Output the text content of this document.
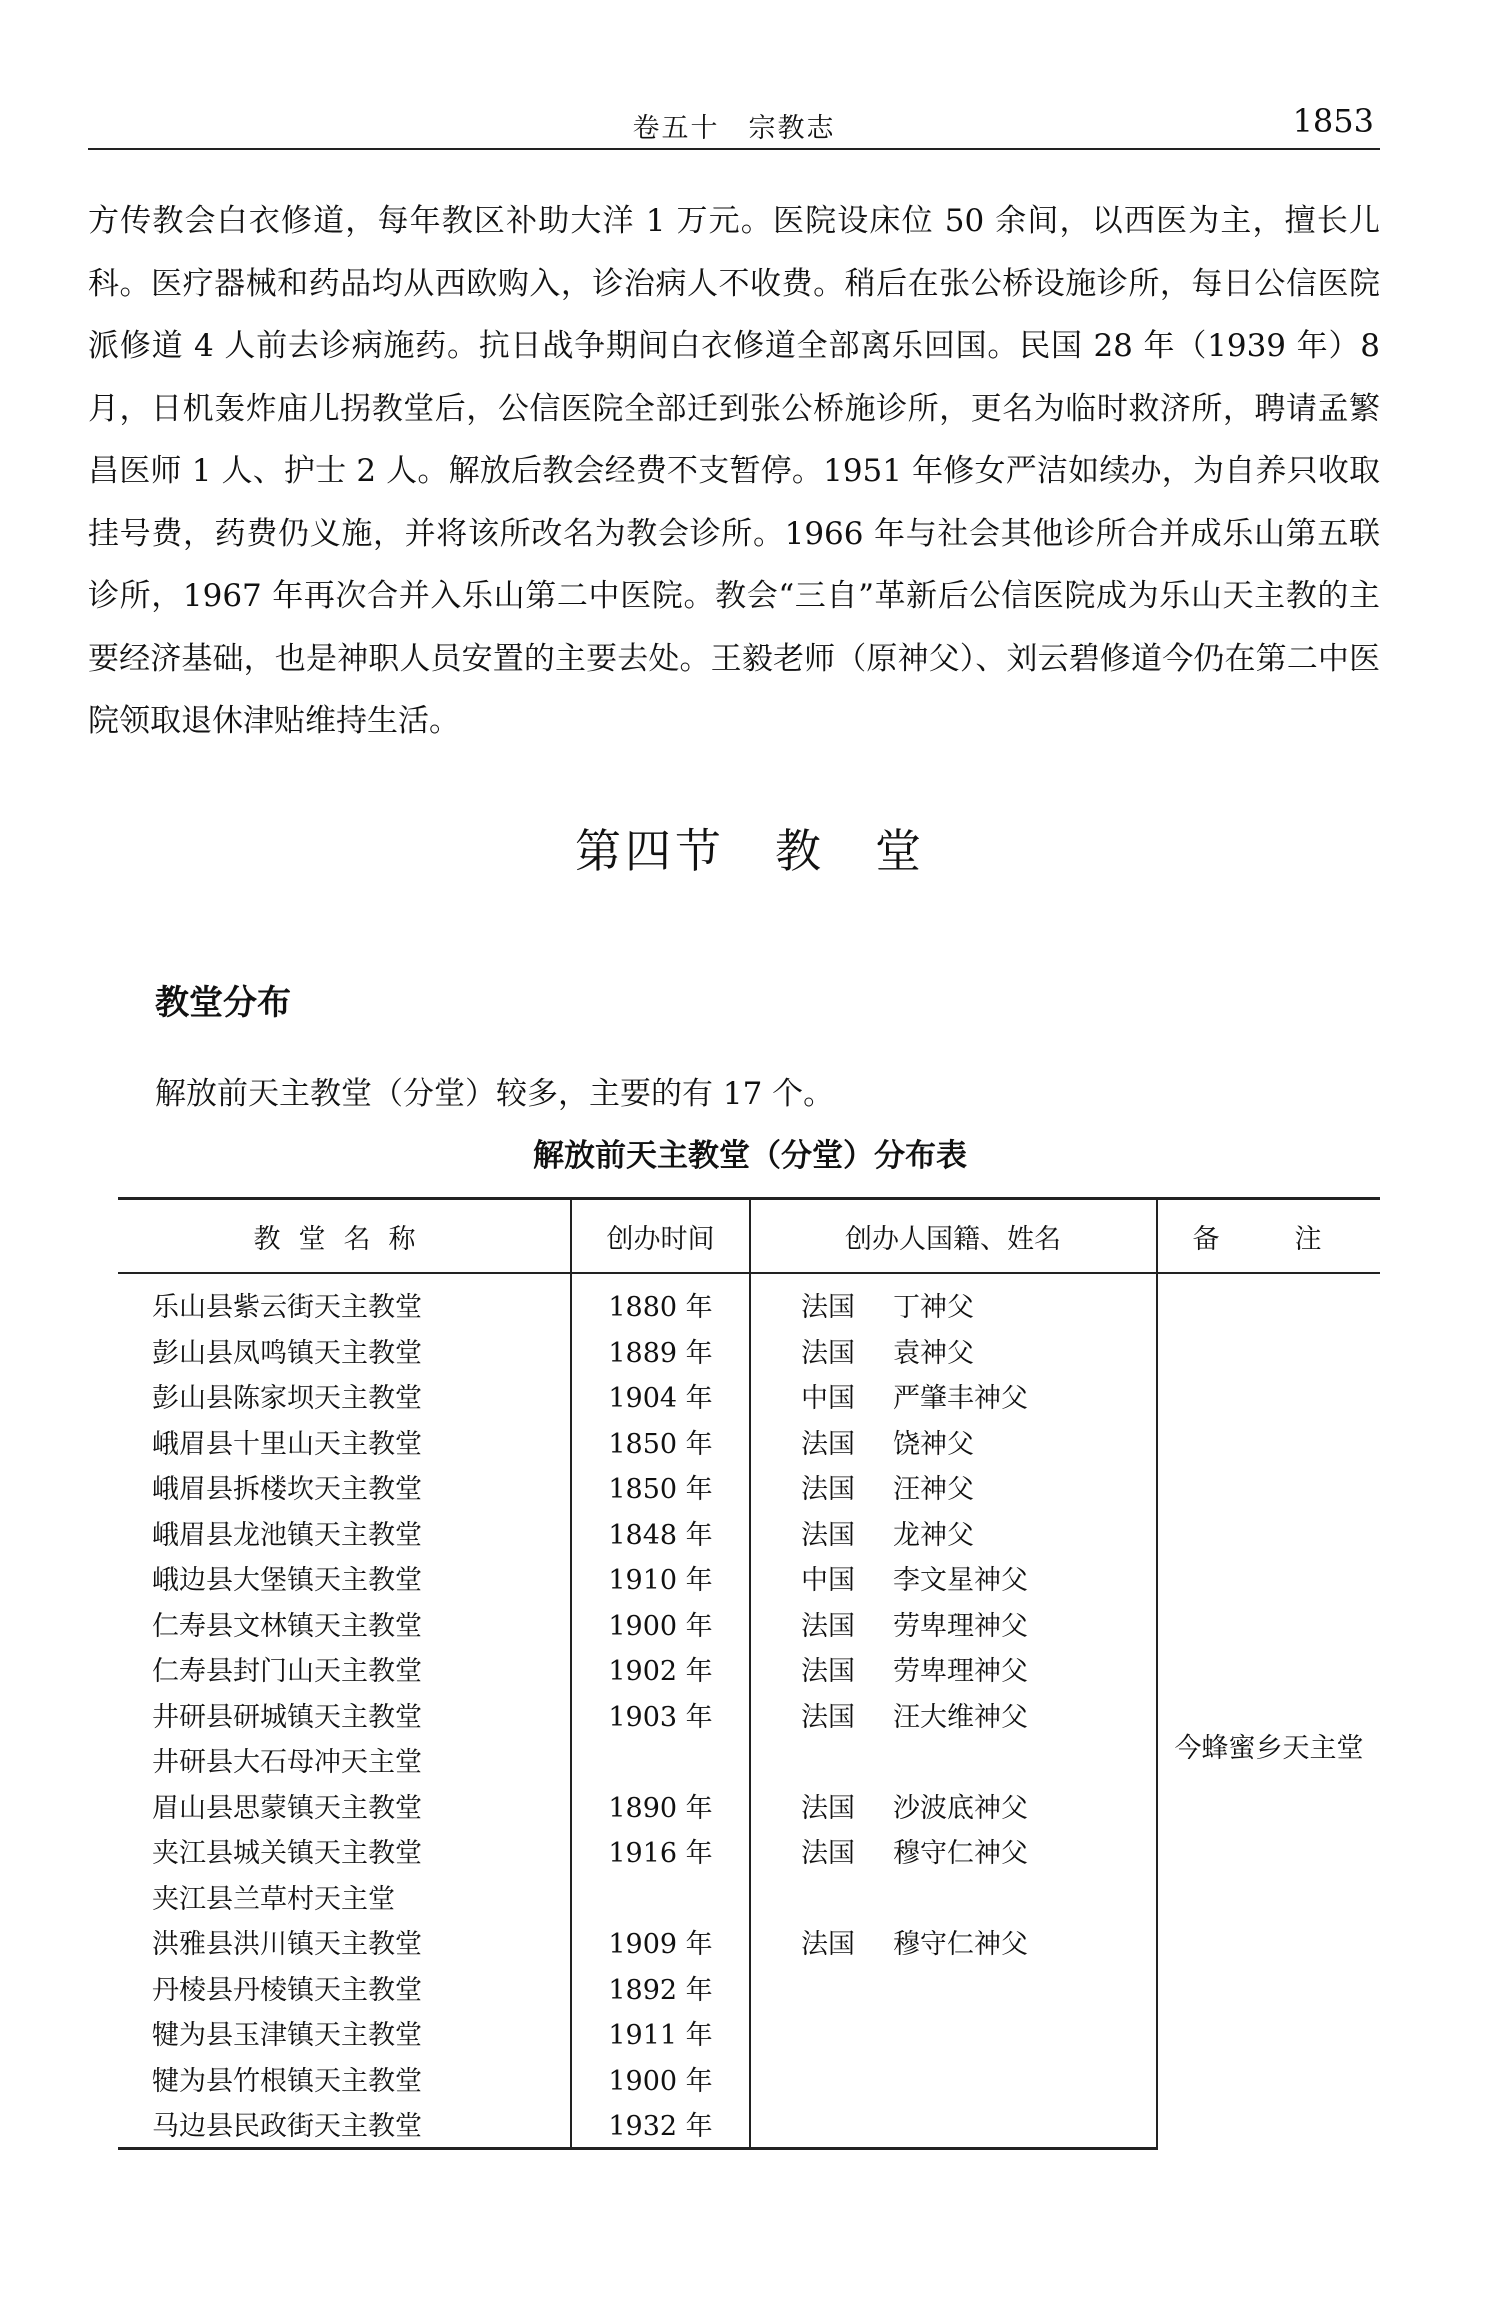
卷五十　宗教志	1853
方传教会白衣修道，每年教区补助大洋 1 万元。医院设床位 50 余间，以西医为主，擅长儿科。医疗器械和药品均从西欧购入，诊治病人不收费。稍后在张公桥设施诊所，每日公信医院派修道 4 人前去诊病施药。抗日战争期间白衣修道全部离乐回国。民国 28 年（1939 年）8 月，日机轰炸庙儿拐教堂后，公信医院全部迁到张公桥施诊所，更名为临时救济所，聘请孟繁昌医师 1 人、护士 2 人。解放后教会经费不支暂停。1951 年修女严洁如续办，为自养只收取挂号费，药费仍义施，并将该所改名为教会诊所。1966 年与社会其他诊所合并成乐山第五联诊所，1967 年再次合并入乐山第二中医院。教会“三自”革新后公信医院成为乐山天主教的主要经济基础，也是神职人员安置的主要去处。王毅老师（原神父）、刘云碧修道今仍在第二中医院领取退休津贴维持生活。
第四节　教　堂
教堂分布
解放前天主教堂（分堂）较多，主要的有 17 个。
解放前天主教堂（分堂）分布表
教堂名称	创办时间	创办人国籍、姓名	备　注
乐山县紫云街天主教堂	1880 年	法国 丁神父	今蜂蜜乡天主堂

彭山县凤鸣镇天主教堂	1889 年	法国 袁神父	
彭山县陈家坝天主教堂	1904 年	中国 严肇丰神父	
峨眉县十里山天主教堂	1850 年	法国 饶神父	
峨眉县拆楼坎天主教堂	1850 年	法国 汪神父	
峨眉县龙池镇天主教堂	1848 年	法国 龙神父	
峨边县大堡镇天主教堂	1910 年	中国 李文星神父	
仁寿县文林镇天主教堂	1900 年	法国 劳卑理神父	
仁寿县封门山天主教堂	1902 年	法国 劳卑理神父	
井研县研城镇天主教堂	1903 年	法国 汪大维神父	
井研县大石母冲天主堂			
眉山县思蒙镇天主教堂	1890 年	法国 沙波底神父	
夹江县城关镇天主教堂	1916 年	法国 穆守仁神父	
夹江县兰草村天主堂			
洪雅县洪川镇天主教堂	1909 年	法国 穆守仁神父	
丹棱县丹棱镇天主教堂	1892 年		
犍为县玉津镇天主教堂	1911 年		
犍为县竹根镇天主教堂	1900 年		
马边县民政街天主教堂	1932 年		
